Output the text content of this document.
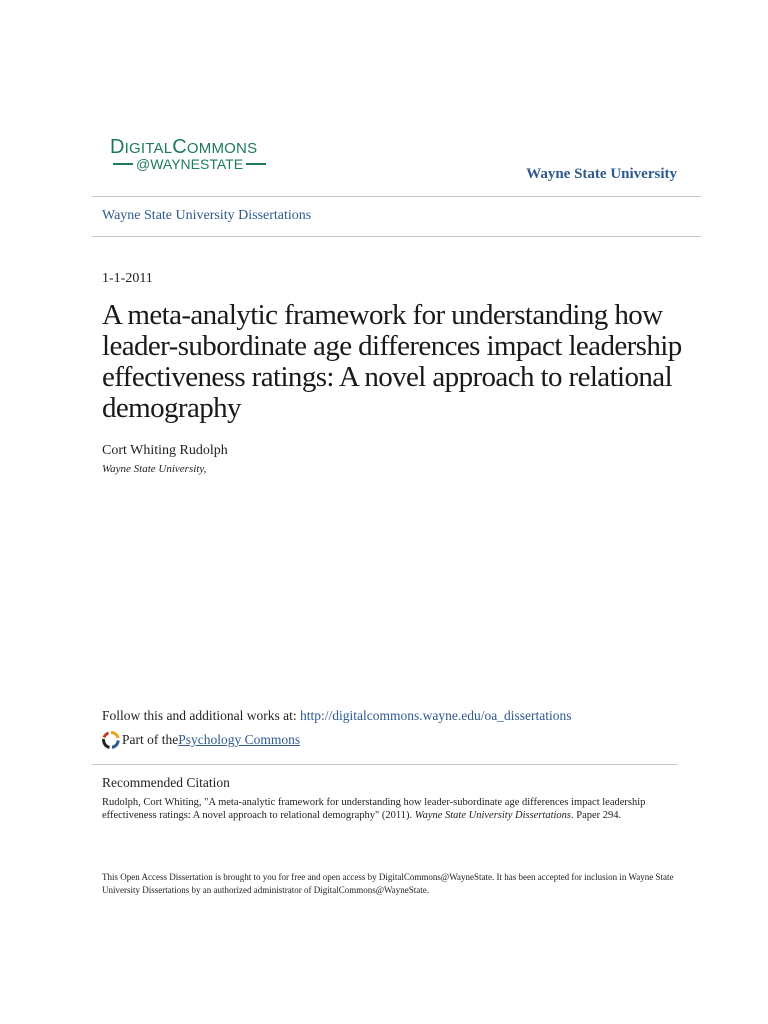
DIGITALCOMMONS
@WAYNESTATE
Wayne State University
Wayne State University Dissertations
1-1-2011
A meta-analytic framework for understanding how leader-subordinate age differences impact leadership effectiveness ratings: A novel approach to relational demography
Cort Whiting Rudolph
Wayne State University,
Follow this and additional works at: http://digitalcommons.wayne.edu/oa_dissertations
Part of the Psychology Commons
Recommended Citation
Rudolph, Cort Whiting, "A meta-analytic framework for understanding how leader-subordinate age differences impact leadership effectiveness ratings: A novel approach to relational demography" (2011). Wayne State University Dissertations. Paper 294.
This Open Access Dissertation is brought to you for free and open access by DigitalCommons@WayneState. It has been accepted for inclusion in Wayne State University Dissertations by an authorized administrator of DigitalCommons@WayneState.
